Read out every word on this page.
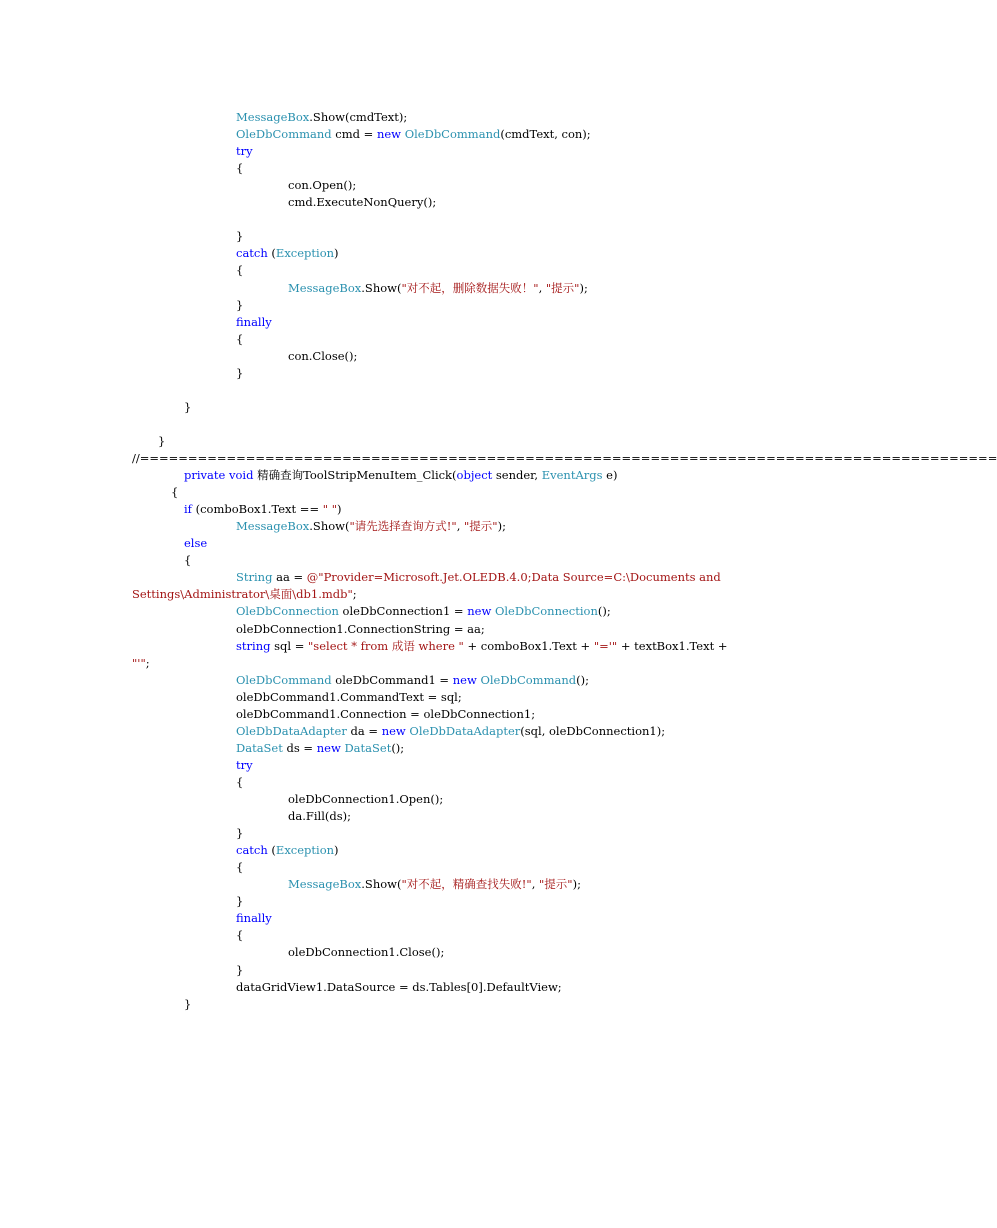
MessageBox.Show(cmdText);
OleDbCommand cmd = new OleDbCommand(cmdText, con);
try
{
con.Open();
cmd.ExecuteNonQuery();
}
catch (Exception)
{
MessageBox.Show("对不起，删除数据失败！", "提示");
}
finally
{
con.Close();
}
}
}
//=========================================================================================
private void 精确查询ToolStripMenuItem_Click(object sender, EventArgs e)
{
if (comboBox1.Text == " ")
MessageBox.Show("请先选择查询方式!", "提示");
else
{
String aa = @"Provider=Microsoft.Jet.OLEDB.4.0;Data Source=C:\Documents and
Settings\Administrator\桌面\db1.mdb";
OleDbConnection oleDbConnection1 = new OleDbConnection();
oleDbConnection1.ConnectionString = aa;
string sql = "select * from 成语 where " + comboBox1.Text + "='" + textBox1.Text +
"'";
OleDbCommand oleDbCommand1 = new OleDbCommand();
oleDbCommand1.CommandText = sql;
oleDbCommand1.Connection = oleDbConnection1;
OleDbDataAdapter da = new OleDbDataAdapter(sql, oleDbConnection1);
DataSet ds = new DataSet();
try
{
oleDbConnection1.Open();
da.Fill(ds);
}
catch (Exception)
{
MessageBox.Show("对不起，精确查找失败!", "提示");
}
finally
{
oleDbConnection1.Close();
}
dataGridView1.DataSource = ds.Tables[0].DefaultView;
}
